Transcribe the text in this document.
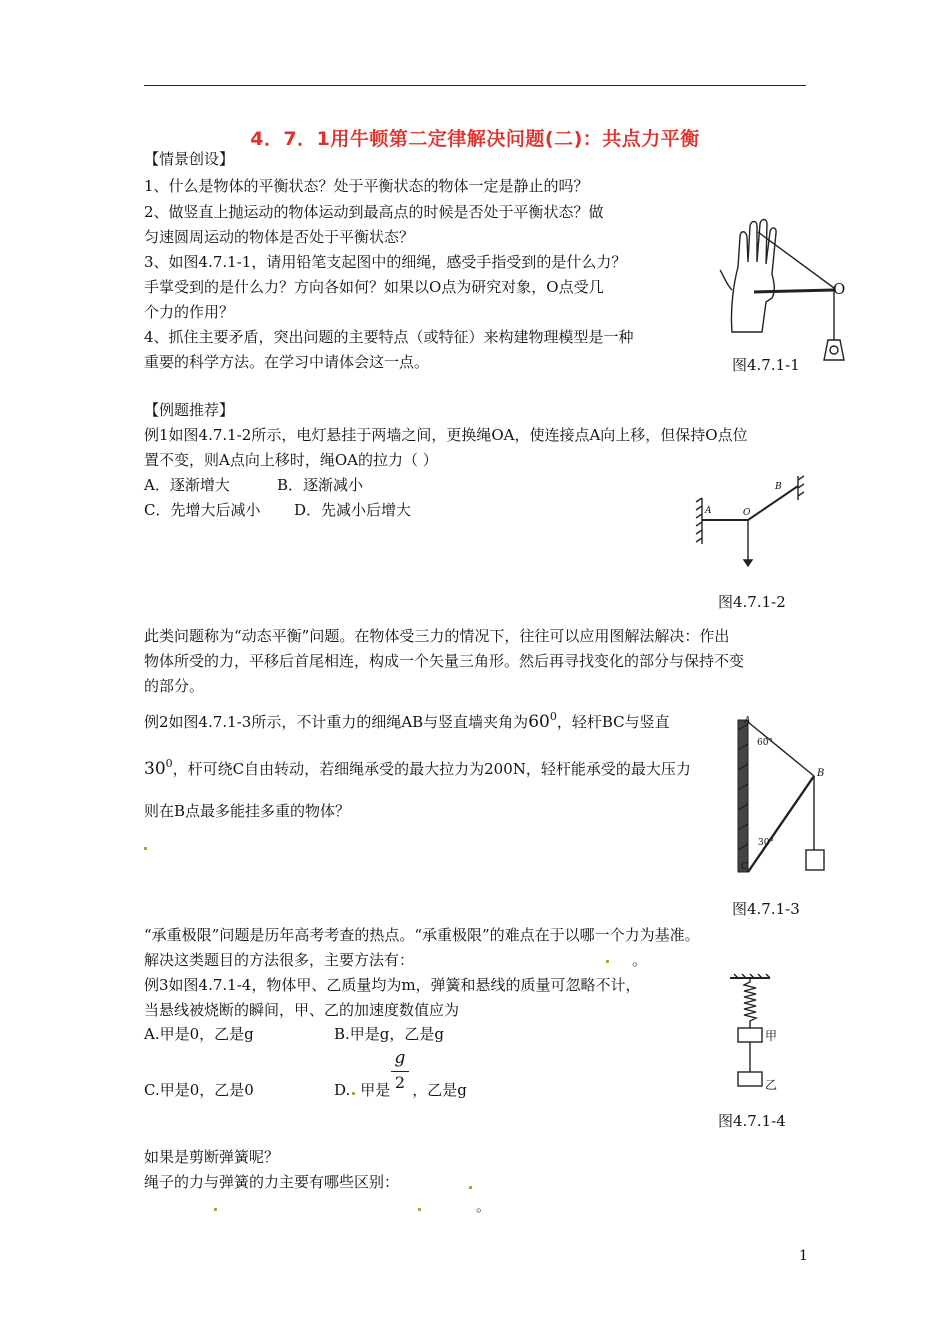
4．7．1用牛顿第二定律解决问题(二)：共点力平衡
【情景创设】
1、什么是物体的平衡状态？处于平衡状态的物体一定是静止的吗？
2、做竖直上抛运动的物体运动到最高点的时候是否处于平衡状态？做
匀速圆周运动的物体是否处于平衡状态？
3、如图4.7.1-1，请用铅笔支起图中的细绳，感受手指受到的是什么力？
手掌受到的是什么力？方向各如何？如果以O点为研究对象，O点受几
个力的作用？
4、抓住主要矛盾，突出问题的主要特点（或特征）来构建物理模型是一种
重要的科学方法。在学习中请体会这一点。
O
图4.7.1-1
【例题推荐】
例1如图4.7.1-2所示，电灯悬挂于两墙之间，更换绳OA，使连接点A向上移，但保持O点位
置不变，则A点向上移时，绳OA的拉力（ ）
A．逐渐增大	B．逐渐减小
C．先增大后减小 D．先减小后增大	A	O
B
图4.7.1-2
此类问题称为“动态平衡”问题。在物体受三力的情况下，往往可以应用图解法解决：作出
物体所受的力，平移后首尾相连，构成一个矢量三角形。然后再寻找变化的部分与保持不变
的部分。
例2如图4.7.1-3所示，不计重力的细绳AB与竖直墙夹角为$60^0$，轻杆BC与竖直
$30^0$，杆可绕C自由转动，若细绳承受的最大拉力为200N，轻杆能承受的最大压力
则在B点最多能挂多重的物体？
A
60°
B
30°
C
图4.7.1-3
“承重极限”问题是历年高考考查的热点。“承重极限”的难点在于以哪一个力为基准。
解决这类题目的方法很多，主要方法有：	。
例3如图4.7.1-4，物体甲、乙质量均为m，弹簧和悬线的质量可忽略不计，
当悬线被烧断的瞬间，甲、乙的加速度数值应为
A.甲是0，乙是g	B.甲是g，乙是g
C.甲是0，乙是0	D. 甲是 ，乙是g
g
2
甲
乙
图4.7.1-4
如果是剪断弹簧呢？
绳子的力与弹簧的力主要有哪些区别：
。
1
